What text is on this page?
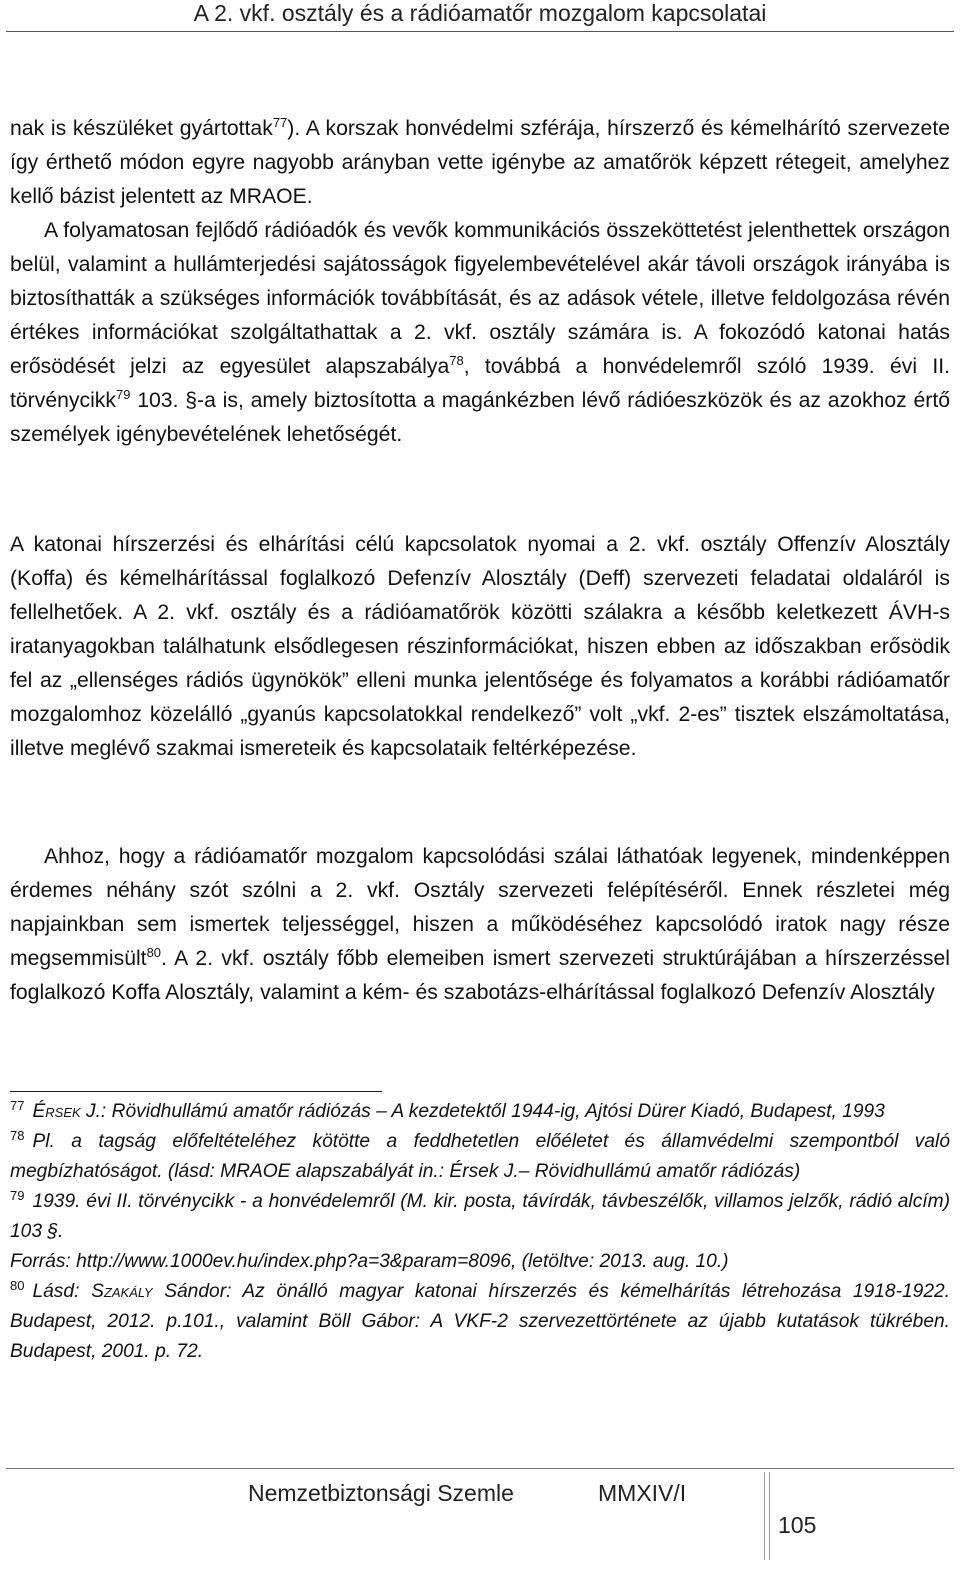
A 2. vkf. osztály és a rádióamatőr mozgalom kapcsolatai
nak is készüléket gyártottak$^{77}$). A korszak honvédelmi szférája, hírszerző és kémelhárító szervezete így érthető módon egyre nagyobb arányban vette igénybe az amatőrök képzett rétegeit, amelyhez kellő bázist jelentett az MRAOE.
A folyamatosan fejlődő rádióadók és vevők kommunikációs összeköttetést jelenthettek országon belül, valamint a hullámterjedési sajátosságok figyelembevételével akár távoli országok irányába is biztosíthatták a szükséges információk továbbítását, és az adások vétele, illetve feldolgozása révén értékes információkat szolgáltathattak a 2. vkf. osztály számára is. A fokozódó katonai hatás erősödését jelzi az egyesület alapszabálya$^{78}$, továbbá a honvédelemről szóló 1939. évi II. törvénycikk$^{79}$ 103. §-a is, amely biztosította a magánkézben lévő rádióeszközök és az azokhoz értő személyek igénybevételének lehetőségét.
A katonai hírszerzési és elhárítási célú kapcsolatok nyomai a 2. vkf. osztály Offenzív Alosztály (Koffa) és kémelhárítással foglalkozó Defenzív Alosztály (Deff) szervezeti feladatai oldaláról is fellelhetőek. A 2. vkf. osztály és a rádióamatőrök közötti szálakra a később keletkezett ÁVH-s iratanyagokban találhatunk elsődlegesen részinformációkat, hiszen ebben az időszakban erősödik fel az „ellenséges rádiós ügynökök” elleni munka jelentősége és folyamatos a korábbi rádióamatőr mozgalomhoz közelálló „gyanús kapcsolatokkal rendelkező” volt „vkf. 2-es” tisztek elszámoltatása, illetve meglévő szakmai ismereteik és kapcsolataik feltérképezése.
Ahhoz, hogy a rádióamatőr mozgalom kapcsolódási szálai láthatóak legyenek, mindenképpen érdemes néhány szót szólni a 2. vkf. Osztály szervezeti felépítéséről. Ennek részletei még napjainkban sem ismertek teljességgel, hiszen a működéséhez kapcsolódó iratok nagy része megsemmisült$^{80}$. A 2. vkf. osztály főbb elemeiben ismert szervezeti struktúrájában a hírszerzéssel foglalkozó Koffa Alosztály, valamint a kém- és szabotázs-elhárítással foglalkozó Defenzív Alosztály

$^{77}$ Érsek J.: Rövidhullámú amatőr rádiózás – A kezdetektől 1944-ig, Ajtósi Dürer Kiadó, Budapest, 1993

$^{78}$ Pl. a tagság előfeltételéhez kötötte a feddhetetlen előéletet és államvédelmi szempontból való megbízhatóságot. (lásd: MRAOE alapszabályát in.: Érsek J.– Rövidhullámú amatőr rádiózás)

$^{79}$ 1939. évi II. törvénycikk - a honvédelemről (M. kir. posta, távírdák, távbeszélők, villamos jelzők, rádió alcím) 103 §.

Forrás: http://www.1000ev.hu/index.php?a=3&param=8096, (letöltve: 2013. aug. 10.)

$^{80}$ Lásd: Szakály Sándor: Az önálló magyar katonai hírszerzés és kémelhárítás létrehozása 1918-1922. Budapest, 2012. p.101., valamint Böll Gábor: A VKF-2 szervezettörténete az újabb kutatások tükrében. Budapest, 2001. p. 72.

Nemzetbiztonsági Szemle	MMXIV/I
105
